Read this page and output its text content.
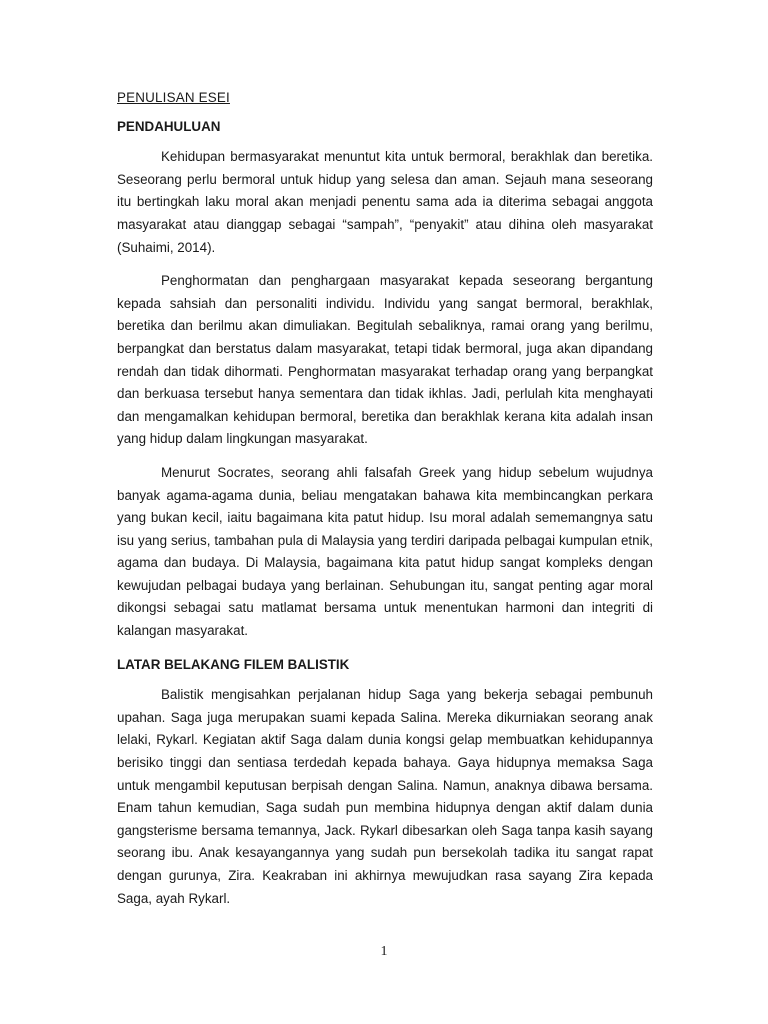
PENULISAN ESEI

PENDAHULUAN

Kehidupan bermasyarakat menuntut kita untuk bermoral, berakhlak dan beretika. Seseorang perlu bermoral untuk hidup yang selesa dan aman. Sejauh mana seseorang itu bertingkah laku moral akan menjadi penentu sama ada ia diterima sebagai anggota masyarakat atau dianggap sebagai “sampah”, “penyakit” atau dihina oleh masyarakat (Suhaimi, 2014).

Penghormatan dan penghargaan masyarakat kepada seseorang bergantung kepada sahsiah dan personaliti individu. Individu yang sangat bermoral, berakhlak, beretika dan berilmu akan dimuliakan. Begitulah sebaliknya, ramai orang yang berilmu, berpangkat dan berstatus dalam masyarakat, tetapi tidak bermoral, juga akan dipandang rendah dan tidak dihormati. Penghormatan masyarakat terhadap orang yang berpangkat dan berkuasa tersebut hanya sementara dan tidak ikhlas. Jadi, perlulah kita menghayati dan mengamalkan kehidupan bermoral, beretika dan berakhlak kerana kita adalah insan yang hidup dalam lingkungan masyarakat.

Menurut Socrates, seorang ahli falsafah Greek yang hidup sebelum wujudnya banyak agama-agama dunia, beliau mengatakan bahawa kita membincangkan perkara yang bukan kecil, iaitu bagaimana kita patut hidup. Isu moral adalah sememangnya satu isu yang serius, tambahan pula di Malaysia yang terdiri daripada pelbagai kumpulan etnik, agama dan budaya. Di Malaysia, bagaimana kita patut hidup sangat kompleks dengan kewujudan pelbagai budaya yang berlainan. Sehubungan itu, sangat penting agar moral dikongsi sebagai satu matlamat bersama untuk menentukan harmoni dan integriti di kalangan masyarakat.

LATAR BELAKANG FILEM BALISTIK

Balistik mengisahkan perjalanan hidup Saga yang bekerja sebagai pembunuh upahan. Saga juga merupakan suami kepada Salina. Mereka dikurniakan seorang anak lelaki, Rykarl. Kegiatan aktif Saga dalam dunia kongsi gelap membuatkan kehidupannya berisiko tinggi dan sentiasa terdedah kepada bahaya. Gaya hidupnya memaksa Saga untuk mengambil keputusan berpisah dengan Salina. Namun, anaknya dibawa bersama. Enam tahun kemudian, Saga sudah pun membina hidupnya dengan aktif dalam dunia gangsterisme bersama temannya, Jack. Rykarl dibesarkan oleh Saga tanpa kasih sayang seorang ibu. Anak kesayangannya yang sudah pun bersekolah tadika itu sangat rapat dengan gurunya, Zira. Keakraban ini akhirnya mewujudkan rasa sayang Zira kepada Saga, ayah Rykarl.

1
